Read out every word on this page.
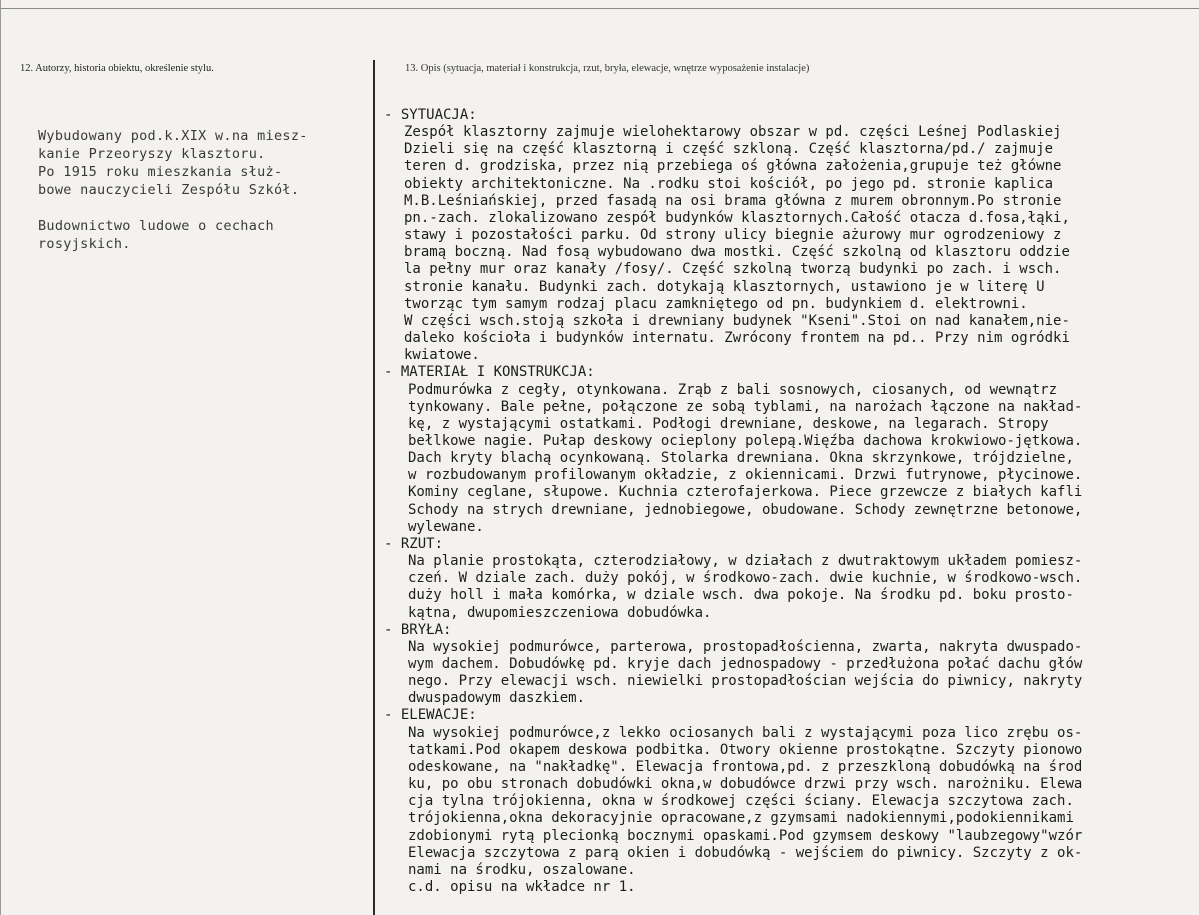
12. Autorzy, historia obiektu, określenie stylu.	13. Opis (sytuacja, materiał i konstrukcja, rzut, bryła, elewacje, wnętrze wyposażenie instalacje)
Wybudowany pod.k.XIX w.na miesz-
kanie Przeoryszy klasztoru.
Po 1915 roku mieszkania służ-
bowe nauczycieli Zespółu Szkół.
Budownictwo ludowe o cechach
rosyjskich.
- SYTUACJA:
Zespół klasztorny zajmuje wielohektarowy obszar w pd. części Leśnej Podlaskiej
Dzieli się na część klasztorną i część szkloną. Część klasztorna/pd./ zajmuje
teren d. grodziska, przez nią przebiega oś główna założenia,grupuje też główne
obiekty architektoniczne. Na .rodku stoi kościół, po jego pd. stronie kaplica
M.B.Leśniańskiej, przed fasadą na osi brama główna z murem obronnym.Po stronie
pn.-zach. zlokalizowano zespół budynków klasztornych.Całość otacza d.fosa,łąki,
stawy i pozostałości parku. Od strony ulicy biegnie ażurowy mur ogrodzeniowy z
bramą boczną. Nad fosą wybudowano dwa mostki. Część szkolną od klasztoru oddzie
la pełny mur oraz kanały /fosy/. Część szkolną tworzą budynki po zach. i wsch.
stronie kanału. Budynki zach. dotykają klasztornych, ustawiono je w literę U
tworząc tym samym rodzaj placu zamkniętego od pn. budynkiem d. elektrowni.
W części wsch.stoją szkoła i drewniany budynek "Kseni".Stoi on nad kanałem,nie-
daleko kościoła i budynków internatu. Zwrócony frontem na pd.. Przy nim ogródki
kwiatowe.
- MATERIAŁ I KONSTRUKCJA:
Podmurówka z cegły, otynkowana. Zrąb z bali sosnowych, ciosanych, od wewnątrz
tynkowany. Bale pełne, połączone ze sobą tyblami, na narożach łączone na nakład-
kę, z wystającymi ostatkami. Podłogi drewniane, deskowe, na legarach. Stropy
bełlkowe nagie. Pułap deskowy ocieplony polepą.Więźba dachowa krokwiowo-jętkowa.
Dach kryty blachą ocynkowaną. Stolarka drewniana. Okna skrzynkowe, trójdzielne,
w rozbudowanym profilowanym okładzie, z okiennicami. Drzwi futrynowe, płycinowe.
Kominy ceglane, słupowe. Kuchnia czterofajerkowa. Piece grzewcze z białych kafli
Schody na strych drewniane, jednobiegowe, obudowane. Schody zewnętrzne betonowe,
wylewane.
- RZUT:
Na planie prostokąta, czterodziałowy, w działach z dwutraktowym układem pomiesz-
czeń. W dziale zach. duży pokój, w środkowo-zach. dwie kuchnie, w środkowo-wsch.
duży holl i mała komórka, w dziale wsch. dwa pokoje. Na środku pd. boku prosto-
kątna, dwupomieszczeniowa dobudówka.
- BRYŁA:
Na wysokiej podmurówce, parterowa, prostopadłościenna, zwarta, nakryta dwuspado-
wym dachem. Dobudówkę pd. kryje dach jednospadowy - przedłużona połać dachu głów
nego. Przy elewacji wsch. niewielki prostopadłościan wejścia do piwnicy, nakryty
dwuspadowym daszkiem.
- ELEWACJE:
Na wysokiej podmurówce,z lekko ociosanych bali z wystającymi poza lico zrębu os-
tatkami.Pod okapem deskowa podbitka. Otwory okienne prostokątne. Szczyty pionowo
odeskowane, na "nakładkę". Elewacja frontowa,pd. z przeszkloną dobudówką na środ
ku, po obu stronach dobudówki okna,w dobudówce drzwi przy wsch. narożniku. Elewa
cja tylna trójokienna, okna w środkowej części ściany. Elewacja szczytowa zach.
trójokienna,okna dekoracyjnie opracowane,z gzymsami nadokiennymi,podokiennikami
zdobionymi rytą plecionką bocznymi opaskami.Pod gzymsem deskowy "laubzegowy"wzór
Elewacja szczytowa z parą okien i dobudówką - wejściem do piwnicy. Szczyty z ok-
nami na środku, oszalowane.
c.d. opisu na wkładce nr 1.
